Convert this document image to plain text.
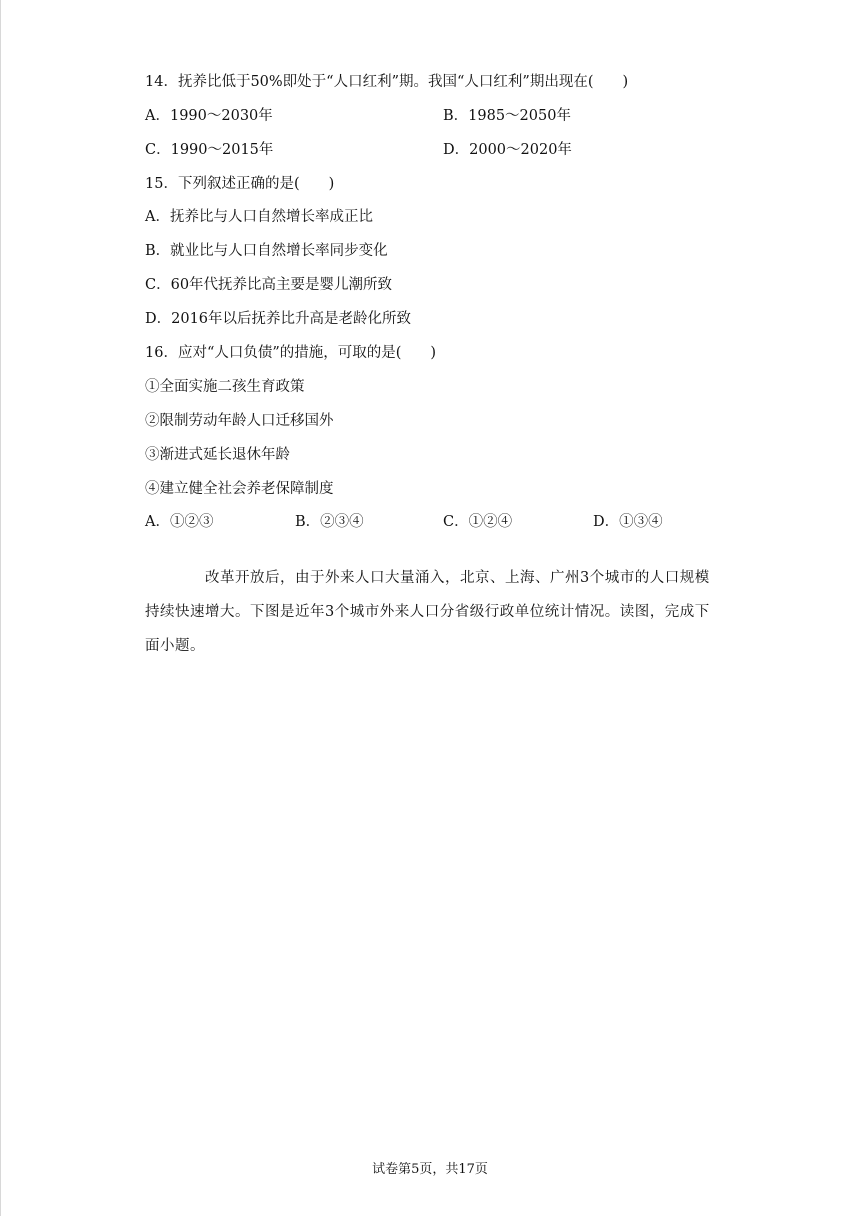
14．抚养比低于50%即处于“人口红利”期。我国“人口红利”期出现在(　　)
A．1990～2030年	B．1985～2050年
C．1990～2015年	D．2000～2020年
15．下列叙述正确的是(　　)
A．抚养比与人口自然增长率成正比
B．就业比与人口自然增长率同步变化
C．60年代抚养比高主要是婴儿潮所致
D．2016年以后抚养比升高是老龄化所致
16．应对“人口负债”的措施，可取的是(　　)
①全面实施二孩生育政策
②限制劳动年龄人口迁移国外
③渐进式延长退休年龄
④建立健全社会养老保障制度
A．①②③	B．②③④	C．①②④	D．①③④
改革开放后，由于外来人口大量涌入，北京、上海、广州3个城市的人口规模持续快速增大。下图是近年3个城市外来人口分省级行政单位统计情况。读图，完成下面小题。
试卷第5页，共17页
